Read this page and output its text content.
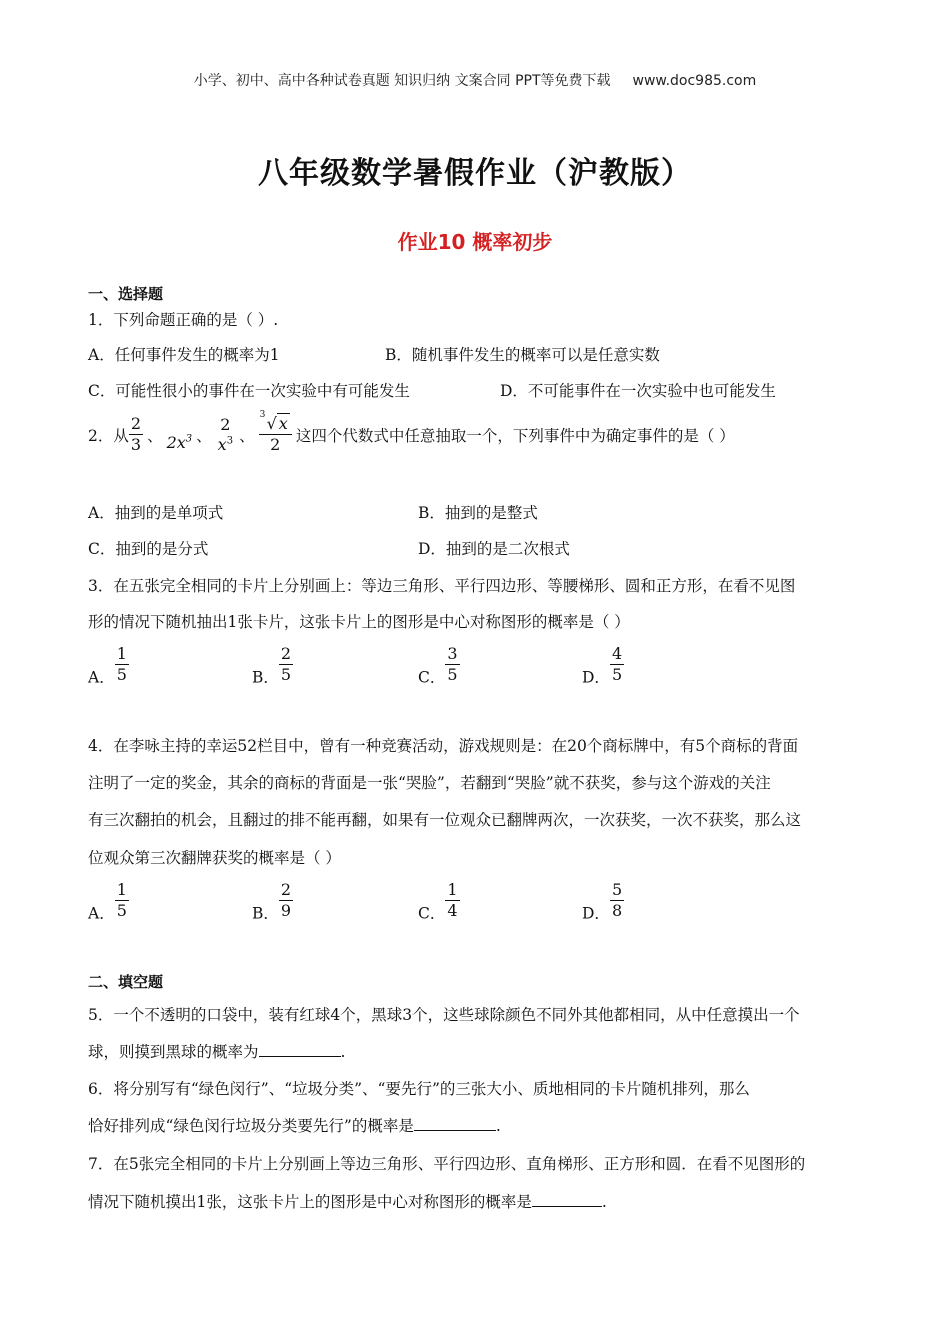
小学、初中、高中各种试卷真题 知识归纳 文案合同 PPT等免费下载 www.doc985.com
八年级数学暑假作业（沪教版）
作业10 概率初步
一、选择题
1．下列命题正确的是（ ）.
A．任何事件发生的概率为1	B．随机事件发生的概率可以是任意实数
C．可能性很小的事件在一次实验中有可能发生	D．不可能事件在一次实验中也可能发生
2．从 $\frac{2}{3}$ 、 $2x^3$ 、
2
$x^3$ 、 $\frac{3 √ x}{2}$ 这四个代数式中任意抽取一个，下列事件中为确定事件的是（ ）
A．抽到的是单项式	B．抽到的是整式
C．抽到的是分式	D．抽到的是二次根式
3．在五张完全相同的卡片上分别画上：等边三角形、平行四边形、等腰梯形、圆和正方形，在看不见图
形的情况下随机抽出1张卡片，这张卡片上的图形是中心对称图形的概率是（ ）
A． $\frac{1}{5}$	B． $\frac{2}{5}$	C． $\frac{3}{5}$	D． $\frac{4}{5}$
4．在李咏主持的幸运52栏目中，曾有一种竞赛活动，游戏规则是：在20个商标牌中，有5个商标的背面
注明了一定的奖金，其余的商标的背面是一张“哭脸”，若翻到“哭脸”就不获奖，参与这个游戏的关注
有三次翻拍的机会，且翻过的排不能再翻，如果有一位观众已翻牌两次，一次获奖，一次不获奖，那么这
位观众第三次翻牌获奖的概率是（ ）
A． $\frac{1}{5}$	B． $\frac{2}{9}$	C． $\frac{1}{4}$	D． $\frac{5}{8}$
二、填空题
5．一个不透明的口袋中，装有红球4个，黑球3个，这些球除颜色不同外其他都相同，从中任意摸出一个
球，则摸到黑球的概率为	.
6．将分别写有“绿色闵行”、“垃圾分类”、“要先行”的三张大小、质地相同的卡片随机排列，那么
恰好排列成“绿色闵行垃圾分类要先行”的概率是	.
7．在5张完全相同的卡片上分别画上等边三角形、平行四边形、直角梯形、正方形和圆．在看不见图形的
情况下随机摸出1张，这张卡片上的图形是中心对称图形的概率是	.
